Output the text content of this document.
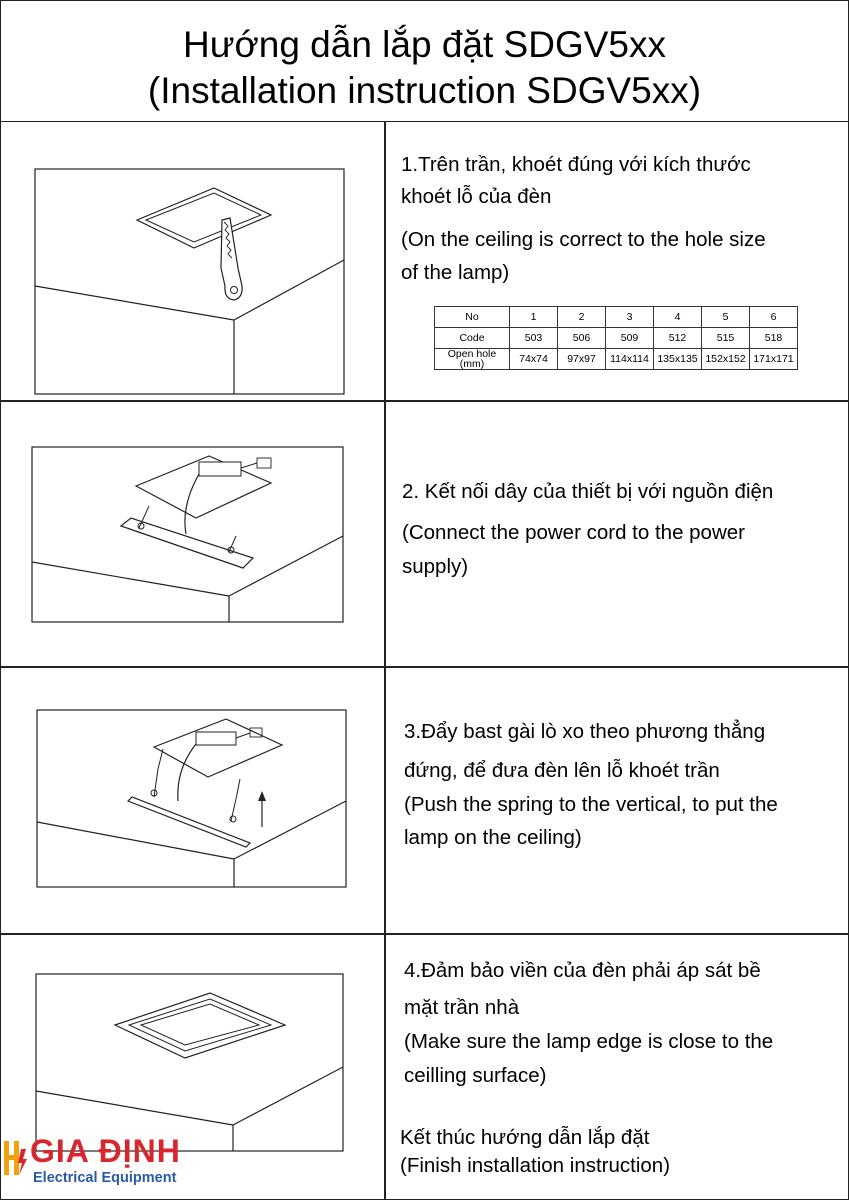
Hướng dẫn lắp đặt SDGV5xx
(Installation instruction SDGV5xx)
1.Trên trần, khoét đúng với kích thước
khoét lỗ của đèn
(On the ceiling is correct to the hole size
of the lamp)
No	1	2	3	4	5	6
Code	503	506	509	512	515	518
Open hole (mm)	74x74	97x97	114x114	135x135	152x152	171x171
2. Kết nối dây của thiết bị với nguồn điện
(Connect the power cord to the power
supply)
3.Đẩy bast gài lò xo theo phương thẳng
đứng, để đưa đèn lên lỗ khoét trần
(Push the spring to the vertical, to put the
lamp on the ceiling)
4.Đảm bảo viền của đèn phải áp sát bề
mặt trần nhà
(Make sure the lamp edge is close to the
ceilling surface)
Kết thúc hướng dẫn lắp đặt
(Finish installation instruction)
GIA ĐỊNH
Electrical Equipment
